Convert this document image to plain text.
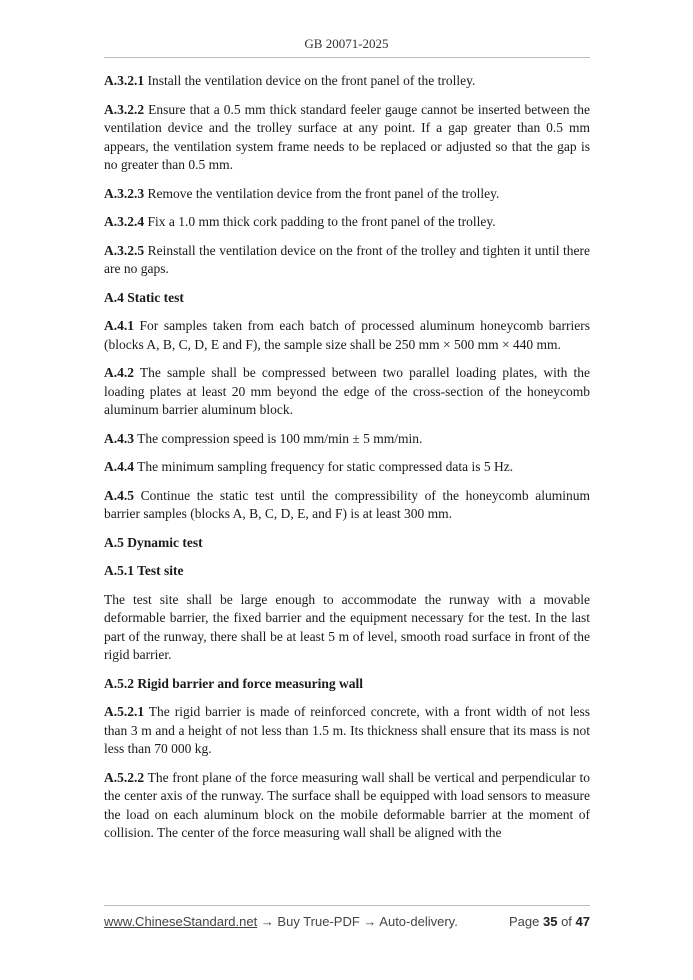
GB 20071-2025

A.3.2.1 Install the ventilation device on the front panel of the trolley.

A.3.2.2 Ensure that a 0.5 mm thick standard feeler gauge cannot be inserted between the ventilation device and the trolley surface at any point. If a gap greater than 0.5 mm appears, the ventilation system frame needs to be replaced or adjusted so that the gap is no greater than 0.5 mm.

A.3.2.3 Remove the ventilation device from the front panel of the trolley.

A.3.2.4 Fix a 1.0 mm thick cork padding to the front panel of the trolley.

A.3.2.5 Reinstall the ventilation device on the front of the trolley and tighten it until there are no gaps.

A.4 Static test

A.4.1 For samples taken from each batch of processed aluminum honeycomb barriers (blocks A, B, C, D, E and F), the sample size shall be 250 mm × 500 mm × 440 mm.

A.4.2 The sample shall be compressed between two parallel loading plates, with the loading plates at least 20 mm beyond the edge of the cross-section of the honeycomb aluminum barrier aluminum block.

A.4.3 The compression speed is 100 mm/min ± 5 mm/min.

A.4.4 The minimum sampling frequency for static compressed data is 5 Hz.

A.4.5 Continue the static test until the compressibility of the honeycomb aluminum barrier samples (blocks A, B, C, D, E, and F) is at least 300 mm.

A.5 Dynamic test

A.5.1 Test site

The test site shall be large enough to accommodate the runway with a movable deformable barrier, the fixed barrier and the equipment necessary for the test. In the last part of the runway, there shall be at least 5 m of level, smooth road surface in front of the rigid barrier.

A.5.2 Rigid barrier and force measuring wall

A.5.2.1 The rigid barrier is made of reinforced concrete, with a front width of not less than 3 m and a height of not less than 1.5 m. Its thickness shall ensure that its mass is not less than 70 000 kg.

A.5.2.2 The front plane of the force measuring wall shall be vertical and perpendicular to the center axis of the runway. The surface shall be equipped with load sensors to measure the load on each aluminum block on the mobile deformable barrier at the moment of collision. The center of the force measuring wall shall be aligned with the

www.ChineseStandard.net → Buy True-PDF → Auto-delivery.	Page 35 of 47
